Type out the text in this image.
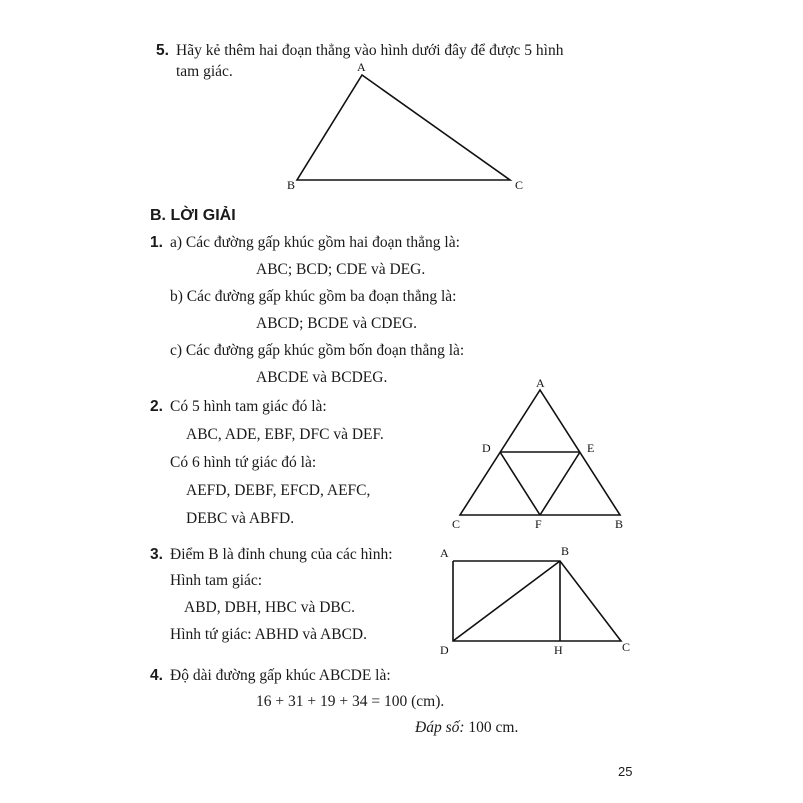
5. Hãy kẻ thêm hai đoạn thẳng vào hình dưới đây để được 5 hình
tam giác.	A
B	C
B. LỜI GIẢI
1. a) Các đường gấp khúc gồm hai đoạn thẳng là:
ABC; BCD; CDE và DEG.
b) Các đường gấp khúc gồm ba đoạn thẳng là:
ABCD; BCDE và CDEG.
c) Các đường gấp khúc gồm bốn đoạn thẳng là:
ABCDE và BCDEG.
2. Có 5 hình tam giác đó là:
ABC, ADE, EBF, DFC và DEF.
Có 6 hình tứ giác đó là:
AEFD, DEBF, EFCD, AEFC,
DEBC và ABFD.
A
D	E
C	F	B
3. Điểm B là đỉnh chung của các hình:
Hình tam giác:
ABD, DBH, HBC và DBC.
Hình tứ giác: ABHD và ABCD.
A	B
D	H	C
4. Độ dài đường gấp khúc ABCDE là:
16 + 31 + 19 + 34 = 100 (cm).
Đáp số: 100 cm.
25
